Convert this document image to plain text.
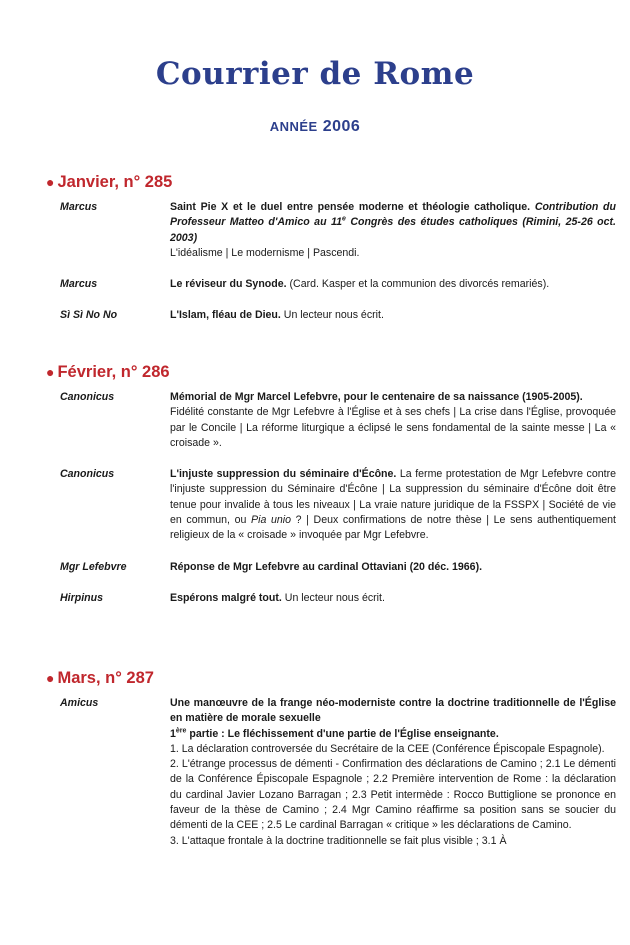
Courrier de Rome
ANNÉE 2006
● Janvier, n° 285
Marcus	Saint Pie X et le duel entre pensée moderne et théologie catholique. Contribution du Professeur Matteo d'Amico au 11e Congrès des études catholiques (Rimini, 25-26 oct. 2003)
L'idéalisme | Le modernisme | Pascendi.
Marcus	Le réviseur du Synode. (Card. Kasper et la communion des divorcés remariés).
Sì Sì No No	L'Islam, fléau de Dieu. Un lecteur nous écrit.
● Février, n° 286
Canonicus	Mémorial de Mgr Marcel Lefebvre, pour le centenaire de sa naissance (1905-2005).
Fidélité constante de Mgr Lefebvre à l'Église et à ses chefs | La crise dans l'Église, provoquée par le Concile | La réforme liturgique a éclipsé le sens fondamental de la sainte messe | La « croisade ».
Canonicus	L'injuste suppression du séminaire d'Écône. La ferme protestation de Mgr Lefebvre contre l'injuste suppression du Séminaire d'Écône | La suppression du séminaire d'Écône doit être tenue pour invalide à tous les niveaux | La vraie nature juridique de la FSSPX | Société de vie en commun, ou Pia unio ? | Deux confirmations de notre thèse | Le sens authentiquement religieux de la « croisade » invoquée par Mgr Lefebvre.
Mgr Lefebvre	Réponse de Mgr Lefebvre au cardinal Ottaviani (20 déc. 1966).
Hirpinus	Espérons malgré tout. Un lecteur nous écrit.
● Mars, n° 287
Amicus	Une manœuvre de la frange néo-moderniste contre la doctrine traditionnelle de l'Église en matière de morale sexuelle
1ère partie : Le fléchissement d'une partie de l'Église enseignante.
1. La déclaration controversée du Secrétaire de la CEE (Conférence Épiscopale Espagnole).
2. L'étrange processus de démenti - Confirmation des déclarations de Camino ; 2.1 Le démenti de la Conférence Épiscopale Espagnole ; 2.2 Première intervention de Rome : la déclaration du cardinal Javier Lozano Barragan ; 2.3 Petit intermède : Rocco Buttiglione se prononce en faveur de la thèse de Camino ; 2.4 Mgr Camino réaffirme sa position sans se soucier du démenti de la CEE ; 2.5 Le cardinal Barragan « critique » les déclarations de Camino.
3. L'attaque frontale à la doctrine traditionnelle se fait plus visible ; 3.1 À
